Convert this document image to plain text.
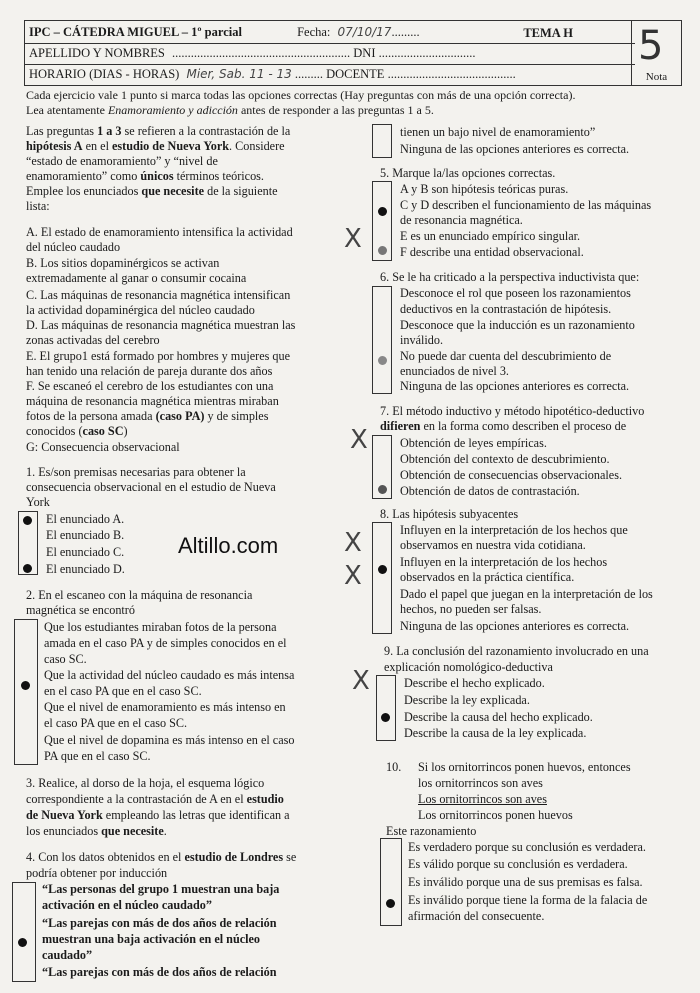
IPC – CÁTEDRA MIGUEL – 1º parcial	Fecha: 07/10/17.........	TEMA H
APELLIDO Y NOMBRES ......................................................... DNI ...............................
HORARIO (DIAS - HORAS) Mier, Sab. 11 - 13 ......... DOCENTE .........................................
5
Nota
Cada ejercicio vale 1 punto si marca todas las opciones correctas (Hay preguntas con más de una opción correcta).
Lea atentamente Enamoramiento y adicción antes de responder a las preguntas 1 a 5.
Las preguntas 1 a 3 se refieren a la contrastación de la
hipótesis A en el estudio de Nueva York. Considere
“estado de enamoramiento” y “nivel de
enamoramiento” como únicos términos teóricos.
Emplee los enunciados que necesite de la siguiente
lista:
A. El estado de enamoramiento intensifica la actividad
del núcleo caudado
B. Los sitios dopaminérgicos se activan
extremadamente al ganar o consumir cocaina
C. Las máquinas de resonancia magnética intensifican
la actividad dopaminérgica del núcleo caudado
D. Las máquinas de resonancia magnética muestran las
zonas activadas del cerebro
E. El grupo1 está formado por hombres y mujeres que
han tenido una relación de pareja durante dos años
F. Se escaneó el cerebro de los estudiantes con una
máquina de resonancia magnética mientras miraban
fotos de la persona amada (caso PA) y de simples
conocidos (caso SC)
G: Consecuencia observacional
1. Es/son premisas necesarias para obtener la
consecuencia observacional en el estudio de Nueva
York
El enunciado A.
El enunciado B.
El enunciado C.
El enunciado D.
Altillo.com
2. En el escaneo con la máquina de resonancia
magnética se encontró
Que los estudiantes miraban fotos de la persona
amada en el caso PA y de simples conocidos en el
caso SC.
Que la actividad del núcleo caudado es más intensa
en el caso PA que en el caso SC.
Que el nivel de enamoramiento es más intenso en
el caso PA que en el caso SC.
Que el nivel de dopamina es más intenso en el caso
PA que en el caso SC.
3. Realice, al dorso de la hoja, el esquema lógico
correspondiente a la contrastación de A en el estudio
de Nueva York empleando las letras que identifican a
los enunciados que necesite.
4. Con los datos obtenidos en el estudio de Londres se
podría obtener por inducción
“Las personas del grupo 1 muestran una baja
activación en el núcleo caudado”
“Las parejas con más de dos años de relación
muestran una baja activación en el núcleo
caudado”
“Las parejas con más de dos años de relación
tienen un bajo nivel de enamoramiento”
Ninguna de las opciones anteriores es correcta.
5. Marque la/las opciones correctas.
X
A y B son hipótesis teóricas puras.
C y D describen el funcionamiento de las máquinas
de resonancia magnética.
E es un enunciado empírico singular.
F describe una entidad observacional.
6. Se le ha criticado a la perspectiva inductivista que:
Desconoce el rol que poseen los razonamientos
deductivos en la contrastación de hipótesis.
Desconoce que la inducción es un razonamiento
inválido.
No puede dar cuenta del descubrimiento de
enunciados de nivel 3.
Ninguna de las opciones anteriores es correcta.
7. El método inductivo y método hipotético-deductivo
difieren en la forma como describen el proceso de
X	Obtención de leyes empíricas.
Obtención del contexto de descubrimiento.
Obtención de consecuencias observacionales.
Obtención de datos de contrastación.
8. Las hipótesis subyacentes
X
X
Influyen en la interpretación de los hechos que
observamos en nuestra vida cotidiana.
Influyen en la interpretación de los hechos
observados en la práctica científica.
Dado el papel que juegan en la interpretación de los
hechos, no pueden ser falsas.
Ninguna de las opciones anteriores es correcta.
9. La conclusión del razonamiento involucrado en una
explicación nomológico-deductiva
X	Describe el hecho explicado.
Describe la ley explicada.
Describe la causa del hecho explicado.
Describe la causa de la ley explicada.
10. Si los ornitorrincos ponen huevos, entonces
los ornitorrincos son aves
Los ornitorrincos son aves
Los ornitorrincos ponen huevos
Este razonamiento
Es verdadero porque su conclusión es verdadera.
Es válido porque su conclusión es verdadera.
Es inválido porque una de sus premisas es falsa.
Es inválido porque tiene la forma de la falacia de
afirmación del consecuente.
